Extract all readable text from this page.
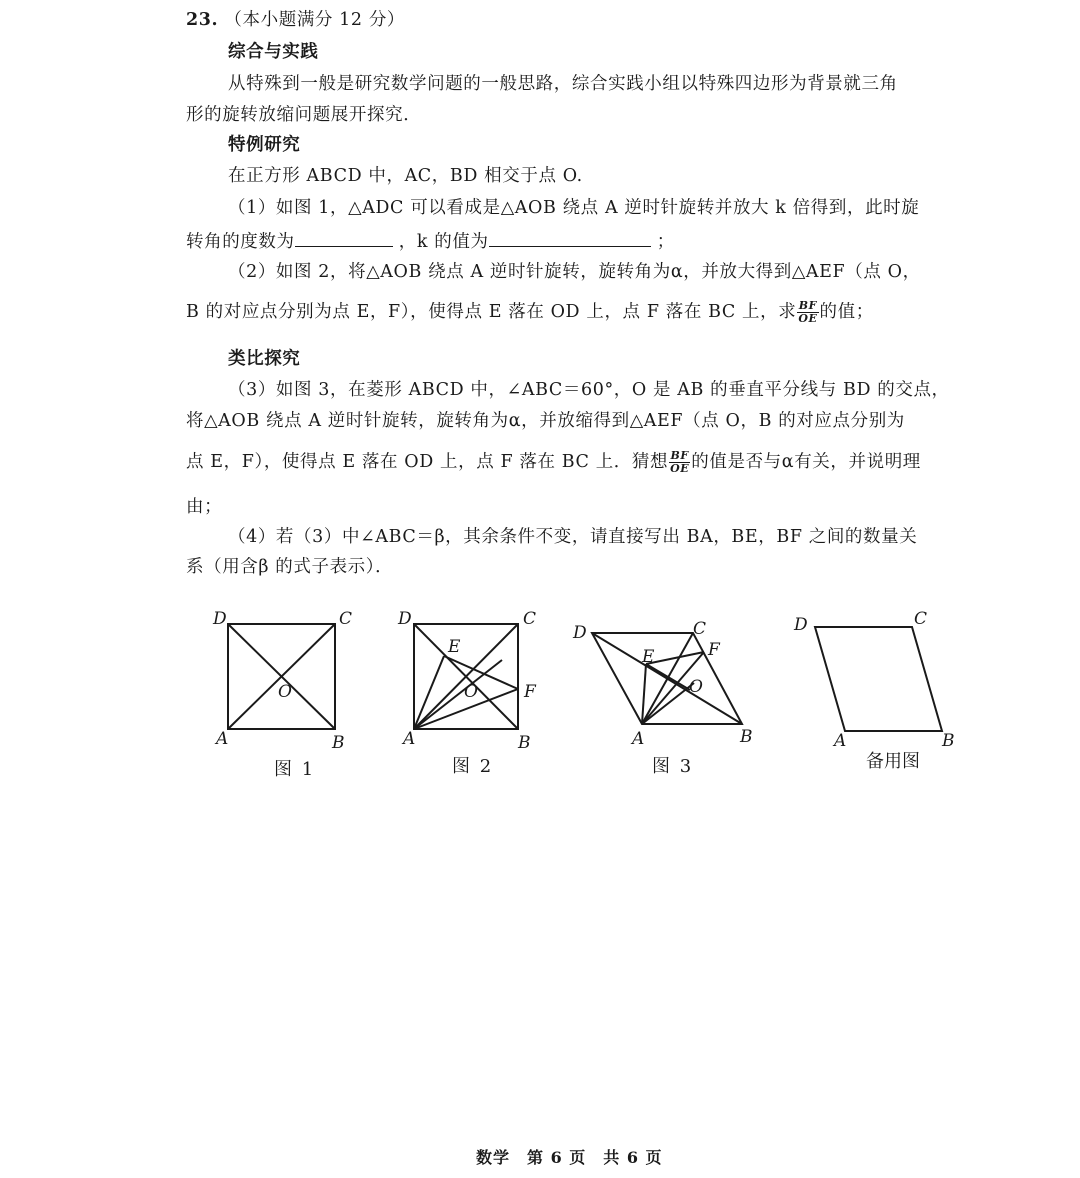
23. （本小题满分 12 分）
综合与实践
从特殊到一般是研究数学问题的一般思路，综合实践小组以特殊四边形为背景就三角
形的旋转放缩问题展开探究．
特例研究
在正方形 ABCD 中，AC，BD 相交于点 O.
（1）如图 1，△ADC 可以看成是△AOB 绕点 A 逆时针旋转并放大 k 倍得到，此时旋
转角的度数为	，k 的值为	；
（2）如图 2，将△AOB 绕点 A 逆时针旋转，旋转角为α，并放大得到△AEF（点 O，
B 的对应点分别为点 E，F），使得点 E 落在 OD 上，点 F 落在 BC 上，求 $\frac{BF}{OE}$ 的值；
类比探究
（3）如图 3，在菱形 ABCD 中，∠ABC＝60°，O 是 AB 的垂直平分线与 BD 的交点，
将△AOB 绕点 A 逆时针旋转，旋转角为α，并放缩得到△AEF（点 O，B 的对应点分别为
点 E，F），使得点 E 落在 OD 上，点 F 落在 BC 上．猜想 $\frac{BF}{OE}$ 的值是否与α有关，并说明理
由；
（4）若（3）中∠ABC＝β，其余条件不变，请直接写出 BA，BE，BF 之间的数量关
系（用含β 的式子表示）．
D	C
A	B
O
D	C
A	B
E
O	F
D	C
A	B
E	F
O
D	C
A	B
图 1	图 2	图 3	备用图
数学　第 6 页　共 6 页
